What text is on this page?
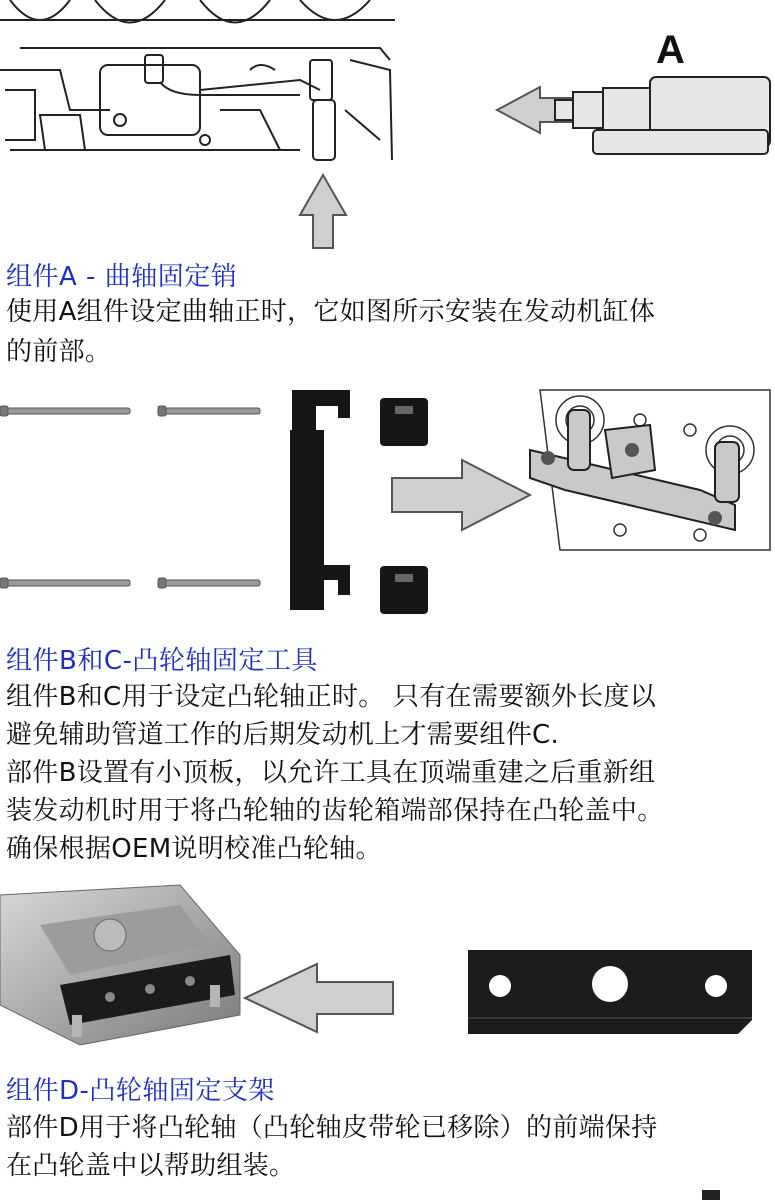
A
组件A - 曲轴固定销
使用A组件设定曲轴正时，它如图所示安装在发动机缸体
的前部。
组件B和C-凸轮轴固定工具
组件B和C用于设定凸轮轴正时。 只有在需要额外长度以
避免辅助管道工作的后期发动机上才需要组件C.
部件B设置有小顶板，以允许工具在顶端重建之后重新组
装发动机时用于将凸轮轴的齿轮箱端部保持在凸轮盖中。
确保根据OEM说明校准凸轮轴。
组件D-凸轮轴固定支架
部件D用于将凸轮轴（凸轮轴皮带轮已移除）的前端保持
在凸轮盖中以帮助组装。
